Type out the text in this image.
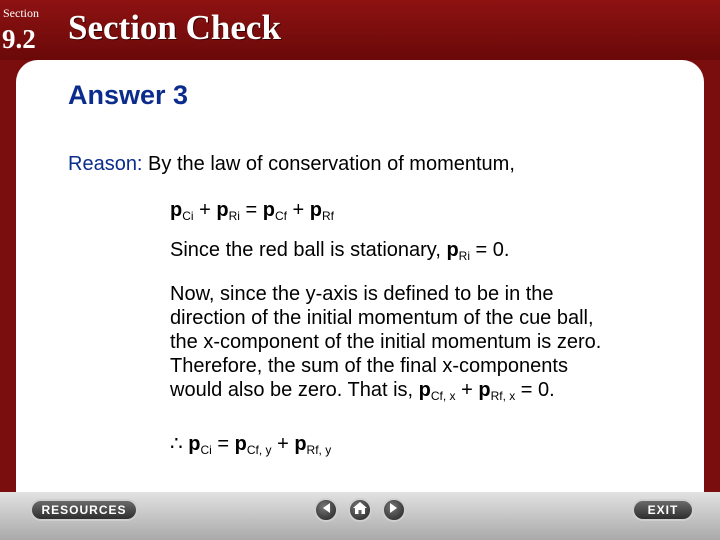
Section
9.2 Section Check
Answer 3
Reason: By the law of conservation of momentum,
$p_{Ci} + p_{Ri} = p_{Cf} + p_{Rf}$
Since the red ball is stationary, $p_{Ri} = 0$.
Now, since the y-axis is defined to be in the
direction of the initial momentum of the cue ball,
the x-component of the initial momentum is zero.
Therefore, the sum of the final x-components
would also be zero. That is, $p_{Cf, x} + p_{Rf, x} = 0$.
∴ $p_{Ci} = p_{Cf, y} + p_{Rf, y}$
RESOURCES	EXIT
